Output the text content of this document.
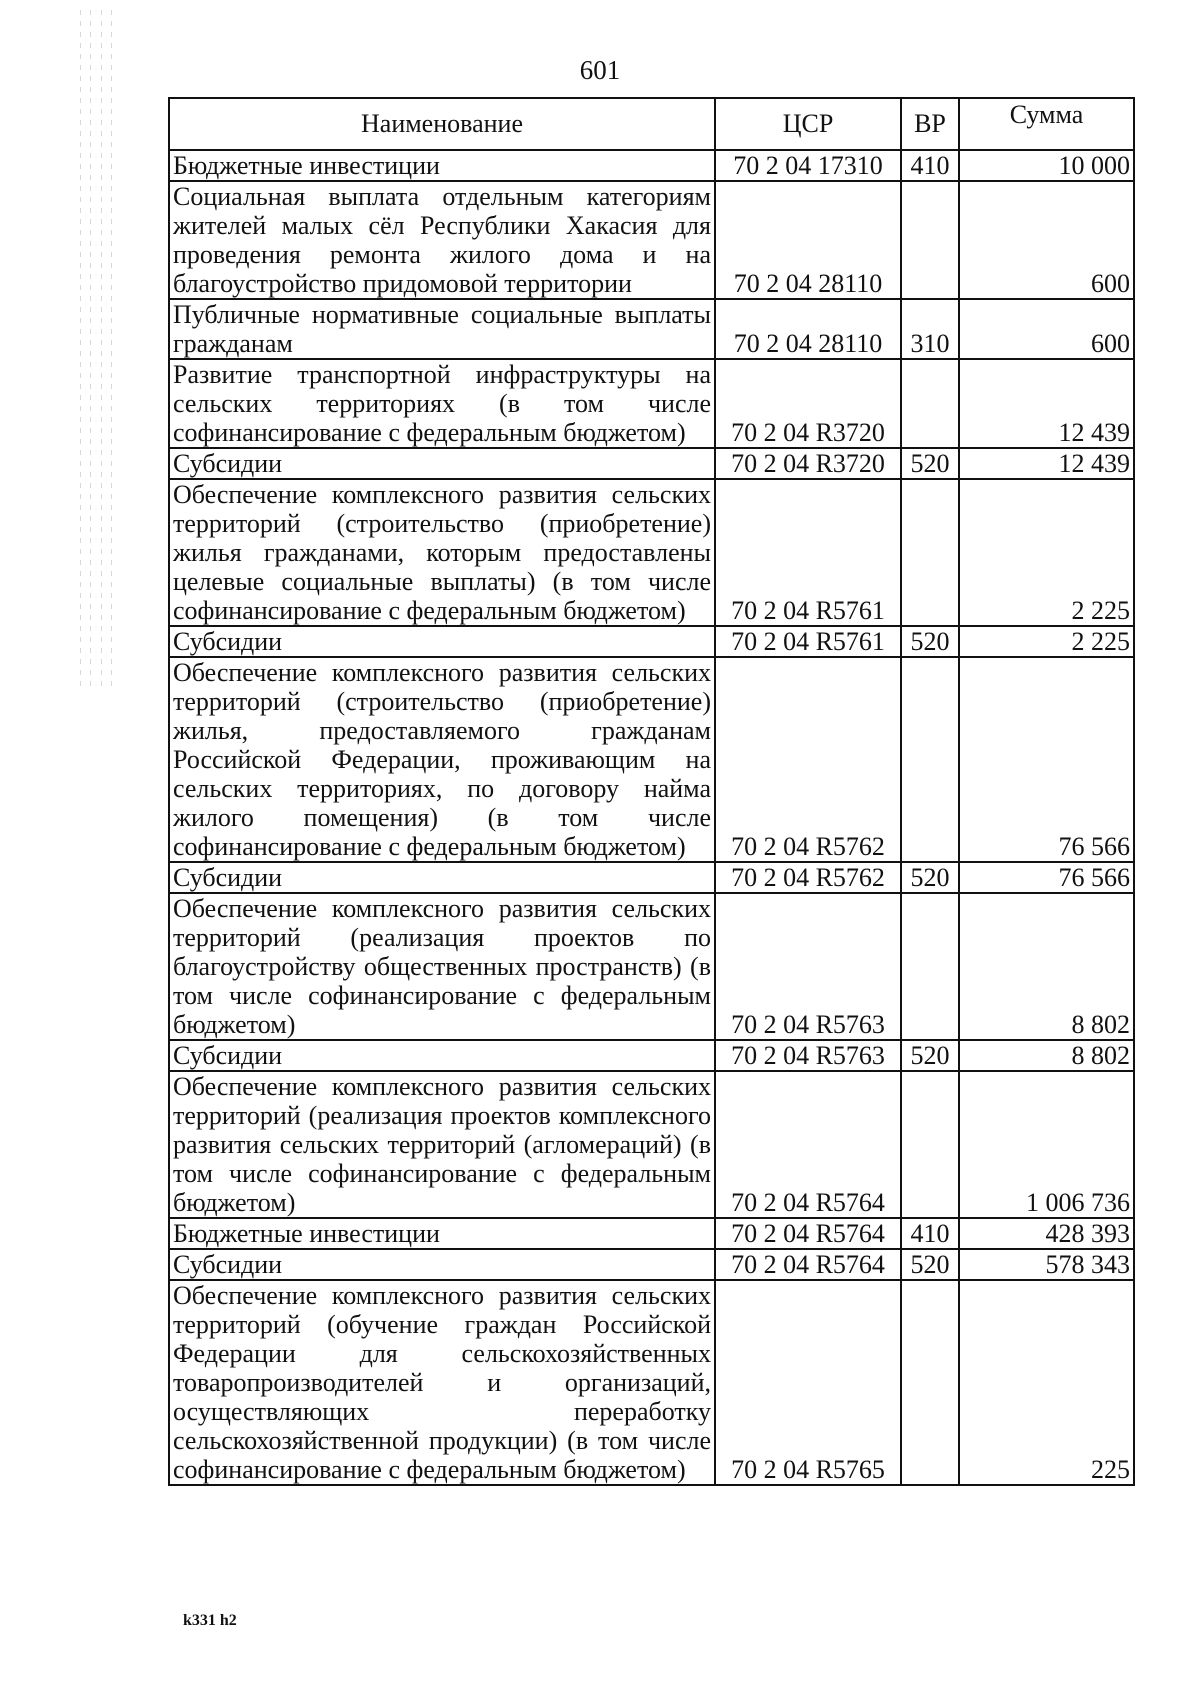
601
Наименование	ЦСР	ВР	Сумма
Бюджетные инвестиции	70 2 04 17310	410	10 000
Социальная выплата отдельным категориям жителей малых сёл Республики Хакасия для проведения ремонта жилого дома и на благоустройство придомовой территории	70 2 04 28110		600
Публичные нормативные социальные выплаты гражданам	70 2 04 28110	310	600
Развитие транспортной инфраструктуры на сельских территориях (в том числе софинансирование с федеральным бюджетом)	70 2 04 R3720		12 439
Субсидии	70 2 04 R3720	520	12 439
Обеспечение комплексного развития сельских территорий (строительство (приобретение) жилья гражданами, которым предоставлены целевые социальные выплаты) (в том числе софинансирование с федеральным бюджетом)	70 2 04 R5761		2 225
Субсидии	70 2 04 R5761	520	2 225
Обеспечение комплексного развития сельских территорий (строительство (приобретение) жилья, предоставляемого гражданам Российской Федерации, проживающим на сельских территориях, по договору найма жилого помещения) (в том числе софинансирование с федеральным бюджетом)	70 2 04 R5762		76 566
Субсидии	70 2 04 R5762	520	76 566
Обеспечение комплексного развития сельских территорий (реализация проектов по благоустройству общественных пространств) (в том числе софинансирование с федеральным бюджетом)	70 2 04 R5763		8 802
Субсидии	70 2 04 R5763	520	8 802
Обеспечение комплексного развития сельских территорий (реализация проектов комплексного развития сельских территорий (агломераций) (в том числе софинансирование с федеральным бюджетом)	70 2 04 R5764		1 006 736
Бюджетные инвестиции	70 2 04 R5764	410	428 393
Субсидии	70 2 04 R5764	520	578 343
Обеспечение комплексного развития сельских территорий (обучение граждан Российской Федерации для сельскохозяйственных товаропроизводителей и организаций, осуществляющих переработку сельскохозяйственной продукции) (в том числе софинансирование с федеральным бюджетом)	70 2 04 R5765		225
k331 h2
